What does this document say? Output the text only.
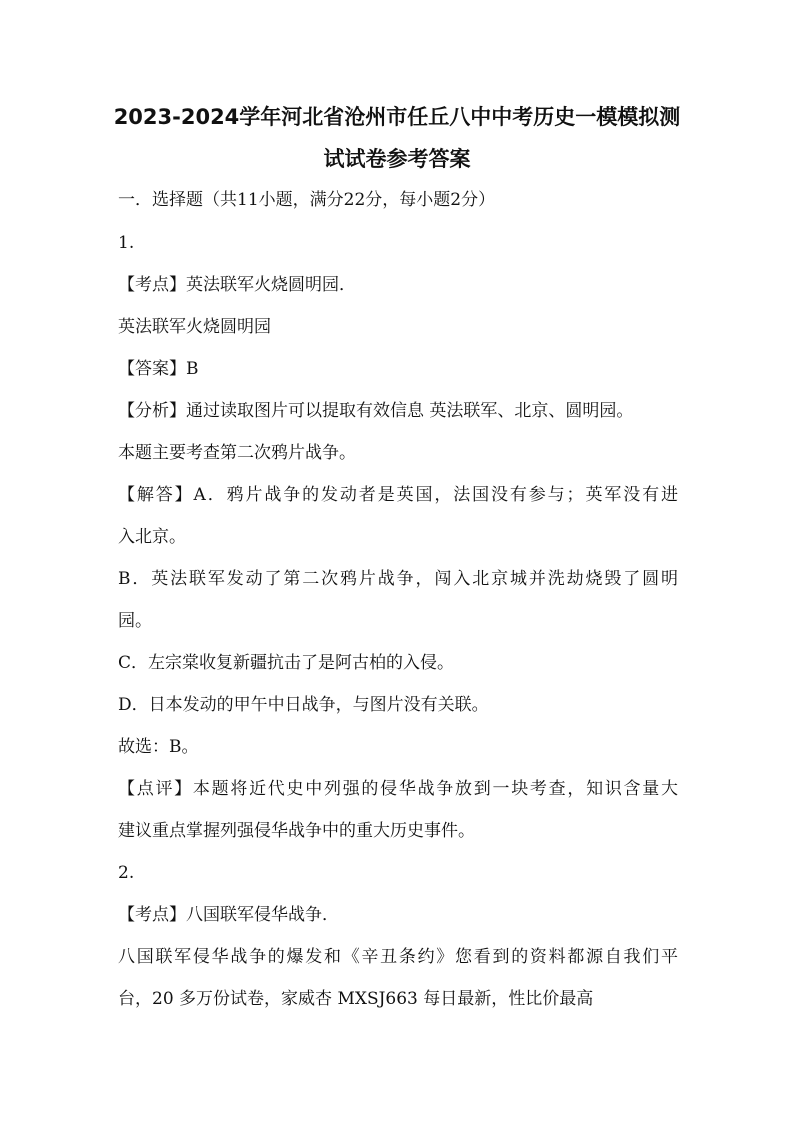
2023-2024学年河北省沧州市任丘八中中考历史一模模拟测
试试卷参考答案
一．选择题（共11小题，满分22分，每小题2分）
1.
【考点】英法联军火烧圆明园．
英法联军火烧圆明园
【答案】B
【分析】通过读取图片可以提取有效信息 英法联军、北京、圆明园。
本题主要考查第二次鸦片战争。
【解答】A．鸦片战争的发动者是英国，法国没有参与；英军没有进
入北京。
B．英法联军发动了第二次鸦片战争，闯入北京城并洗劫烧毁了圆明
园。
C．左宗棠收复新疆抗击了是阿古柏的入侵。
D．日本发动的甲午中日战争，与图片没有关联。
故选：B。
【点评】本题将近代史中列强的侵华战争放到一块考查，知识含量大
建议重点掌握列强侵华战争中的重大历史事件。
2.
【考点】八国联军侵华战争．
八国联军侵华战争的爆发和《辛丑条约》您看到的资料都源自我们平
台，20 多万份试卷，家威杏 MXSJ663 每日最新，性比价最高
